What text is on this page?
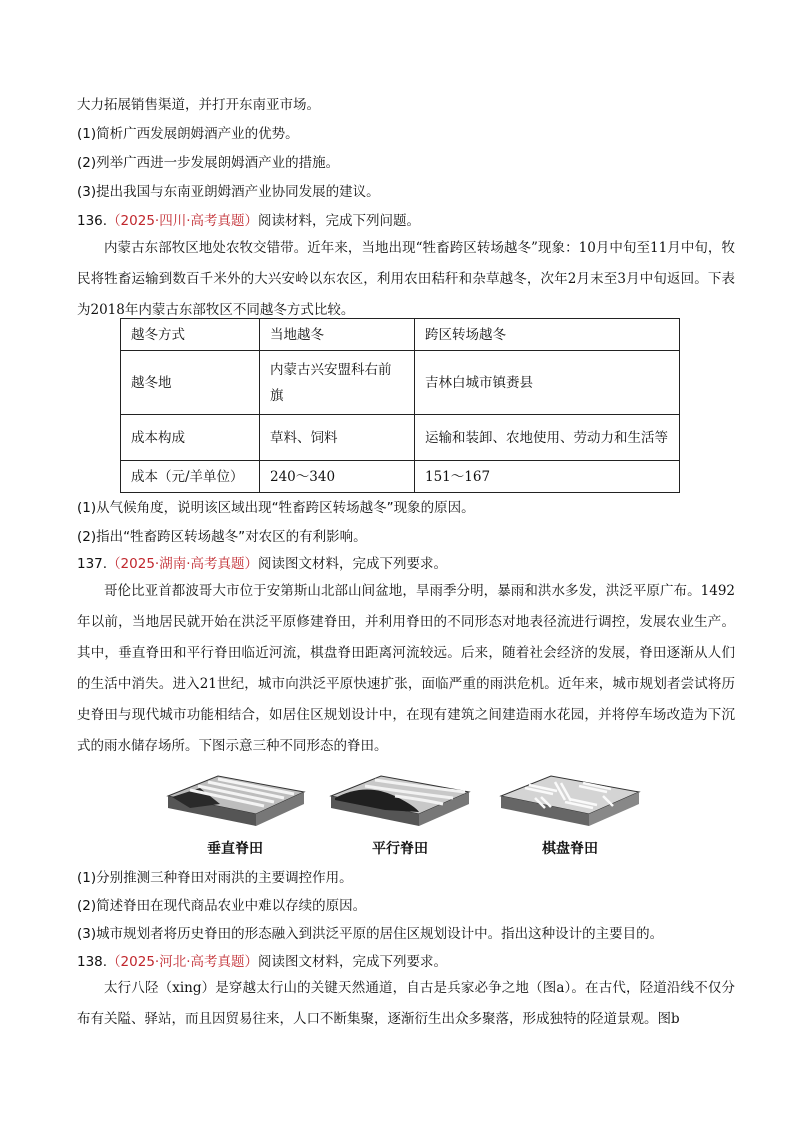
大力拓展销售渠道，并打开东南亚市场。
(1)简析广西发展朗姆酒产业的优势。
(2)列举广西进一步发展朗姆酒产业的措施。
(3)提出我国与东南亚朗姆酒产业协同发展的建议。
136.（2025·四川·高考真题）阅读材料，完成下列问题。
内蒙古东部牧区地处农牧交错带。近年来，当地出现“牲畜跨区转场越冬”现象：10月中旬至11月中旬，牧民将牲畜运输到数百千米外的大兴安岭以东农区，利用农田秸秆和杂草越冬，次年2月末至3月中旬返回。下表为2018年内蒙古东部牧区不同越冬方式比较。
越冬方式	当地越冬	跨区转场越冬
越冬地	内蒙古兴安盟科右前旗	吉林白城市镇赉县
成本构成	草料、饲料	运输和装卸、农地使用、劳动力和生活等
成本（元/羊单位）	240～340	151～167
(1)从气候角度，说明该区域出现“牲畜跨区转场越冬”现象的原因。
(2)指出“牲畜跨区转场越冬”对农区的有利影响。
137.（2025·湖南·高考真题）阅读图文材料，完成下列要求。
哥伦比亚首都波哥大市位于安第斯山北部山间盆地，旱雨季分明，暴雨和洪水多发，洪泛平原广布。1492年以前，当地居民就开始在洪泛平原修建脊田，并利用脊田的不同形态对地表径流进行调控，发展农业生产。其中，垂直脊田和平行脊田临近河流，棋盘脊田距离河流较远。后来，随着社会经济的发展，脊田逐渐从人们的生活中消失。进入21世纪，城市向洪泛平原快速扩张，面临严重的雨洪危机。近年来，城市规划者尝试将历史脊田与现代城市功能相结合，如居住区规划设计中，在现有建筑之间建造雨水花园，并将停车场改造为下沉式的雨水储存场所。下图示意三种不同形态的脊田。
垂直脊田	平行脊田	棋盘脊田
(1)分别推测三种脊田对雨洪的主要调控作用。
(2)简述脊田在现代商品农业中难以存续的原因。
(3)城市规划者将历史脊田的形态融入到洪泛平原的居住区规划设计中。指出这种设计的主要目的。
138.（2025·河北·高考真题）阅读图文材料，完成下列要求。
太行八陉（xing）是穿越太行山的关键天然通道，自古是兵家必争之地（图a）。在古代，陉道沿线不仅分布有关隘、驿站，而且因贸易往来，人口不断集聚，逐渐衍生出众多聚落，形成独特的陉道景观。图b
